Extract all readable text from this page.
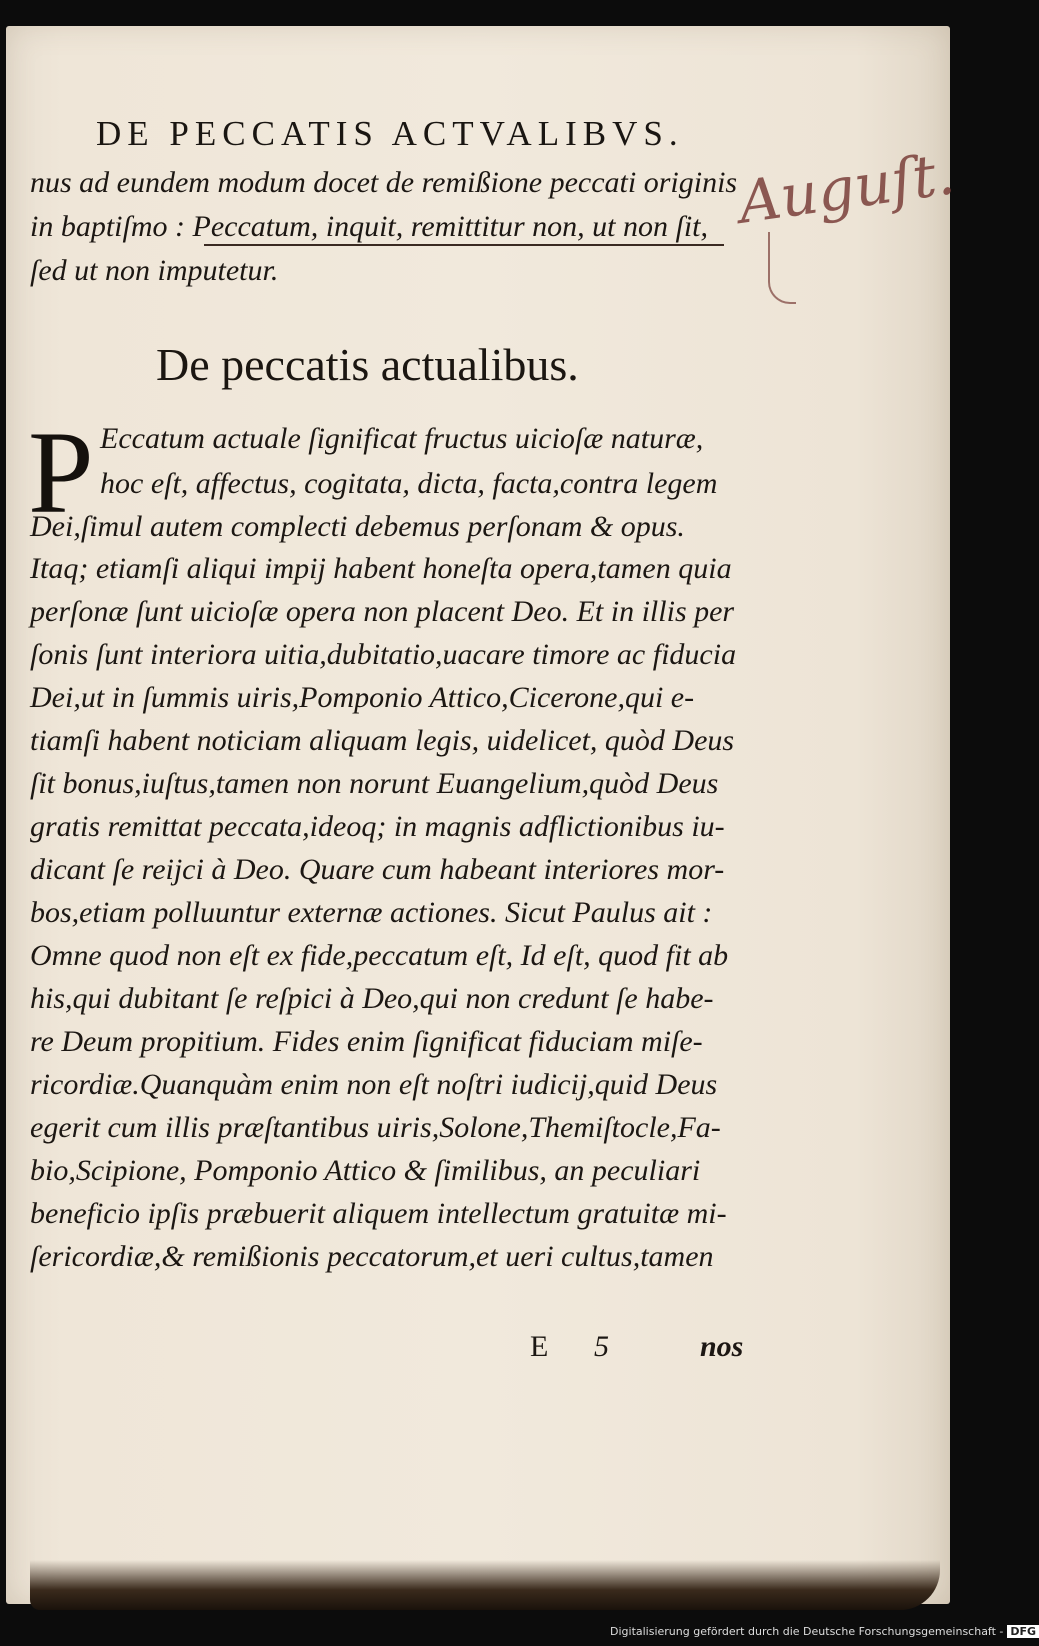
DE PECCATIS ACTVALIBVS.
nus ad eundem modum docet de remißione peccati originis
in baptiſmo : Peccatum, inquit, remittitur non, ut non ſit,
ſed ut non imputetur.
Auguſt.
De peccatis actualibus.
P Eccatum actuale ſignificat fructus uicioſæ naturæ,
hoc eſt, affectus, cogitata, dicta, facta,contra legem
Dei,ſimul autem complecti debemus perſonam & opus.
Itaq; etiamſi aliqui impij habent honeſta opera,tamen quia
perſonæ ſunt uicioſæ opera non placent Deo. Et in illis per
ſonis ſunt interiora uitia,dubitatio,uacare timore ac fiducia
Dei,ut in ſummis uiris,Pomponio Attico,Cicerone,qui e-
tiamſi habent noticiam aliquam legis, uidelicet, quòd Deus
ſit bonus,iuſtus,tamen non norunt Euangelium,quòd Deus
gratis remittat peccata,ideoq; in magnis adflictionibus iu-
dicant ſe reijci à Deo. Quare cum habeant interiores mor-
bos,etiam polluuntur externæ actiones. Sicut Paulus ait :
Omne quod non eſt ex fide,peccatum eſt, Id eſt, quod fit ab
his,qui dubitant ſe reſpici à Deo,qui non credunt ſe habe-
re Deum propitium. Fides enim ſignificat fiduciam miſe-
ricordiæ.Quanquàm enim non eſt noſtri iudicij,quid Deus
egerit cum illis præſtantibus uiris,Solone,Themiſtocle,Fa-
bio,Scipione, Pomponio Attico & ſimilibus, an peculiari
beneficio ipſis præbuerit aliquem intellectum gratuitæ mi-
ſericordiæ,& remißionis peccatorum,et ueri cultus,tamen
E 5	nos
Digitalisierung gefördert durch die Deutsche Forschungsgemeinschaft - DFG
